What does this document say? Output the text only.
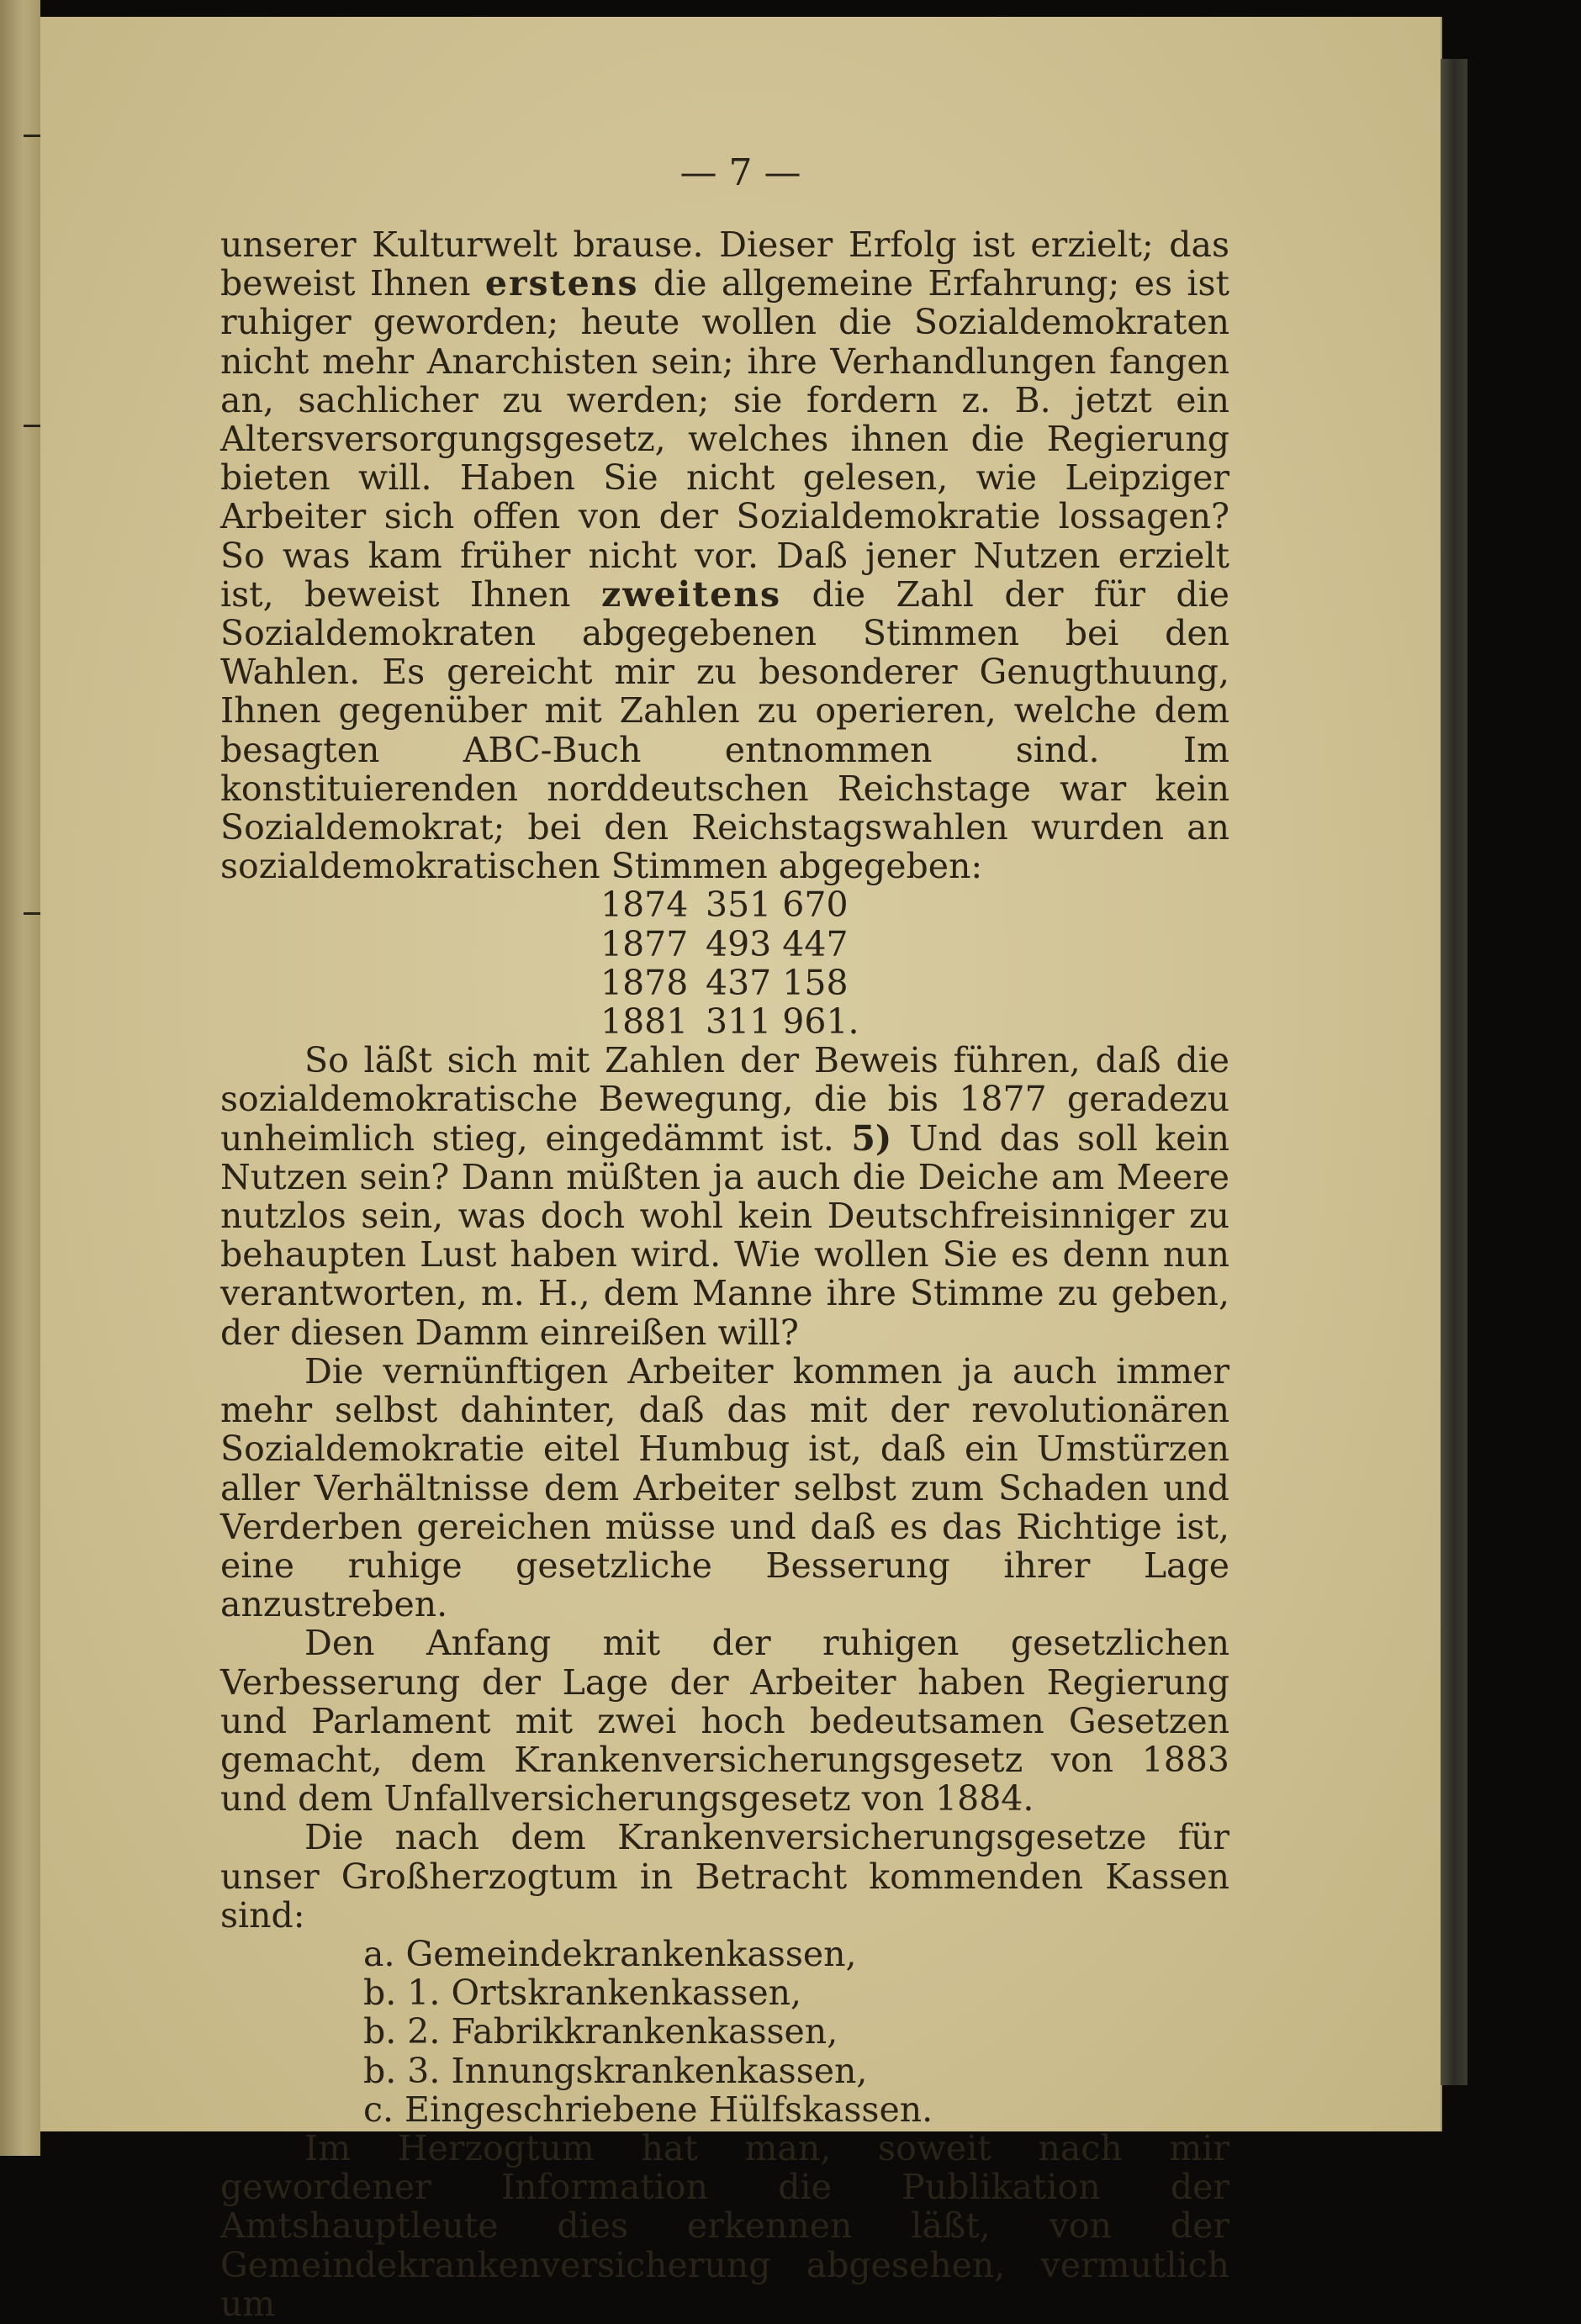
— 7 —

unserer Kulturwelt brause. Dieser Erfolg ist erzielt; das beweist Ihnen erstens die allgemeine Erfahrung; es ist ruhiger geworden; heute wollen die Sozialdemokraten nicht mehr Anarchisten sein; ihre Verhandlungen fangen an, sachlicher zu werden; sie fordern z. B. jetzt ein Altersversorgungsgesetz, welches ihnen die Regierung bieten will. Haben Sie nicht gelesen, wie Leipziger Arbeiter sich offen von der Sozialdemokratie lossagen? So was kam früher nicht vor. Daß jener Nutzen erzielt ist, beweist Ihnen zweitens die Zahl der für die Sozialdemokraten abgegebenen Stimmen bei den Wahlen. Es gereicht mir zu besonderer Genugthuung, Ihnen gegenüber mit Zahlen zu operieren, welche dem besagten ABC-Buch entnommen sind. Im konstituierenden norddeutschen Reichstage war kein Sozialdemokrat; bei den Reichstagswahlen wurden an sozialdemokratischen Stimmen abgegeben:

1874	351 670
1877	493 447
1878	437 158
1881	311 961.

So läßt sich mit Zahlen der Beweis führen, daß die sozialdemokratische Bewegung, die bis 1877 geradezu unheimlich stieg, eingedämmt ist. 5) Und das soll kein Nutzen sein? Dann müßten ja auch die Deiche am Meere nutzlos sein, was doch wohl kein Deutschfreisinniger zu behaupten Lust haben wird. Wie wollen Sie es denn nun verantworten, m. H., dem Manne ihre Stimme zu geben, der diesen Damm einreißen will?

Die vernünftigen Arbeiter kommen ja auch immer mehr selbst dahinter, daß das mit der revolutionären Sozialdemokratie eitel Humbug ist, daß ein Umstürzen aller Verhältnisse dem Arbeiter selbst zum Schaden und Verderben gereichen müsse und daß es das Richtige ist, eine ruhige gesetzliche Besserung ihrer Lage anzustreben.

Den Anfang mit der ruhigen gesetzlichen Verbesserung der Lage der Arbeiter haben Regierung und Parlament mit zwei hoch bedeutsamen Gesetzen gemacht, dem Krankenversicherungsgesetz von 1883 und dem Unfallversicherungsgesetz von 1884.

Die nach dem Krankenversicherungsgesetze für unser Großherzogtum in Betracht kommenden Kassen sind:

a. Gemeindekrankenkassen,
b. 1. Ortskrankenkassen,
b. 2. Fabrikkrankenkassen,
b. 3. Innungskrankenkassen,
c. Eingeschriebene Hülfskassen.

Im Herzogtum hat man, soweit nach mir gewordener Information die Publikation der Amtshauptleute dies erkennen läßt, von der Gemeindekrankenversicherung abgesehen, vermutlich um
